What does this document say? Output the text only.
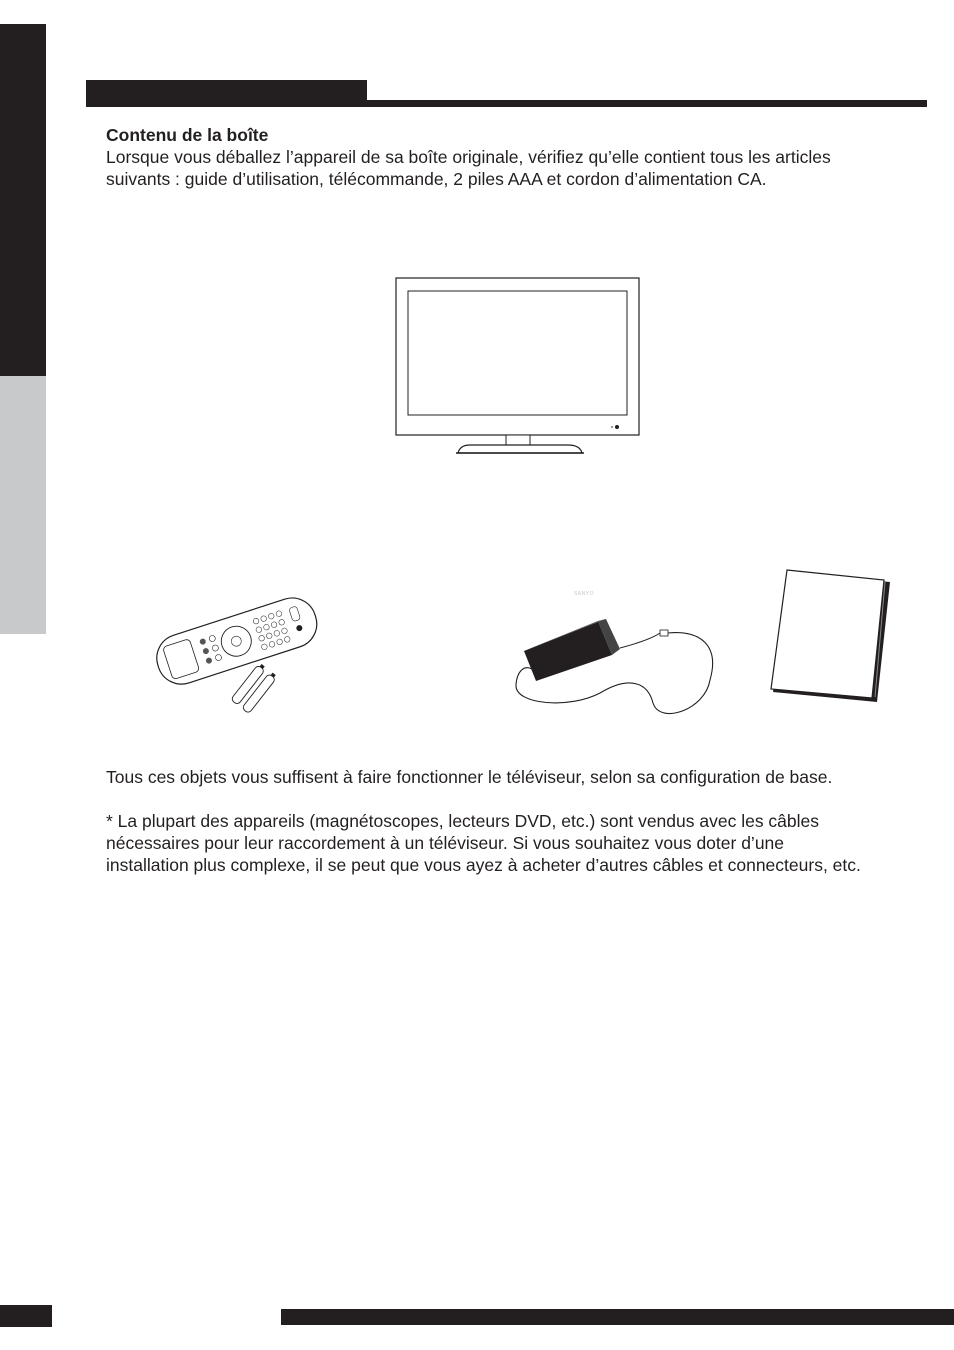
Contenu de la boîte

Lorsque vous déballez l’appareil de sa boîte originale, vérifiez qu’elle contient tous les articles suivants : guide d’utilisation, télécommande, 2 piles AAA et cordon d’alimentation CA.

SANYO

Tous ces objets vous suffisent à faire fonctionner le téléviseur, selon sa configuration de base.

* La plupart des appareils (magnétoscopes, lecteurs DVD, etc.) sont vendus avec les câbles nécessaires pour leur raccordement à un téléviseur. Si vous souhaitez vous doter d’une installation plus complexe, il se peut que vous ayez à acheter d’autres câbles et connecteurs, etc.
